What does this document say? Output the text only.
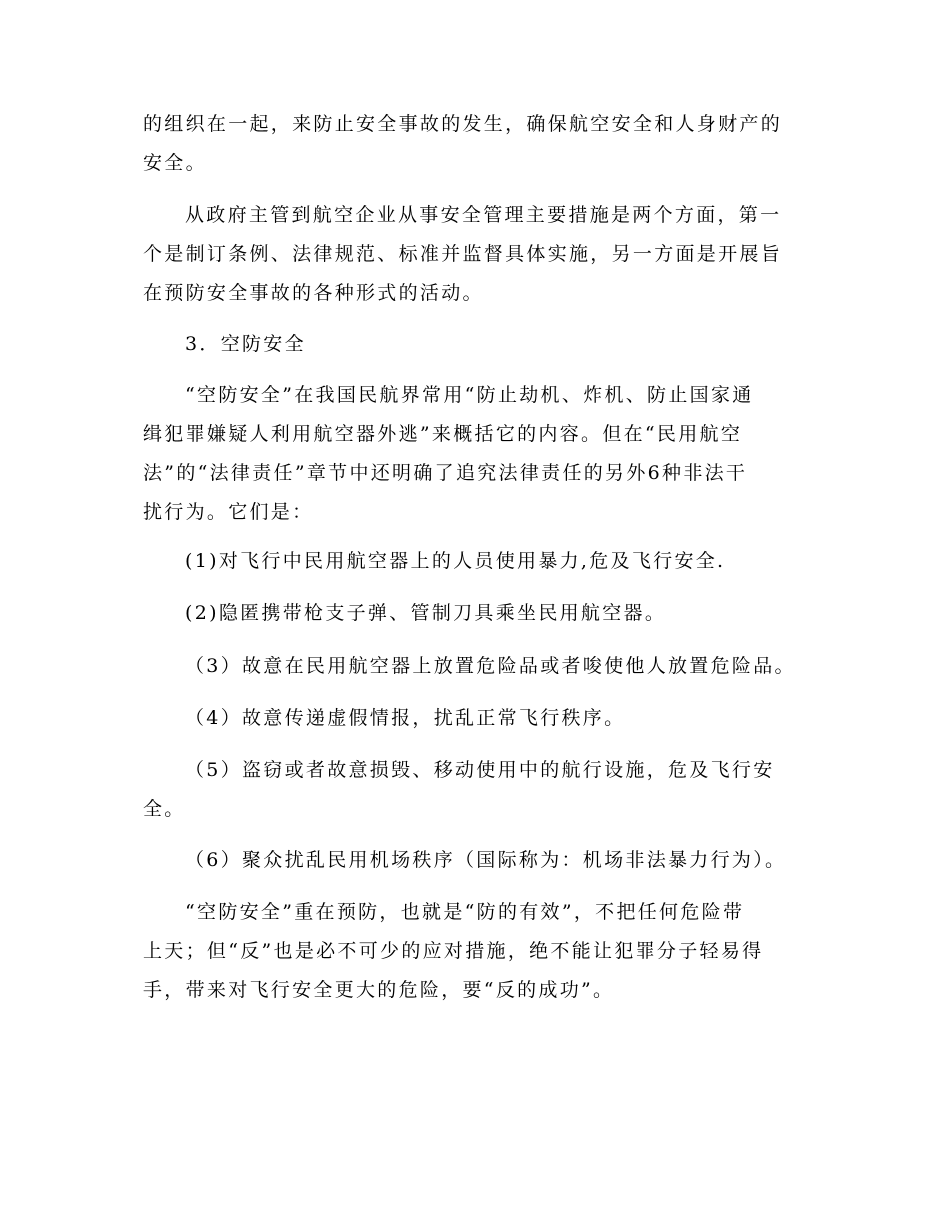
的组织在一起，来防止安全事故的发生，确保航空安全和人身财产的
安全。
从政府主管到航空企业从事安全管理主要措施是两个方面，第一
个是制订条例、法律规范、标准并监督具体实施，另一方面是开展旨
在预防安全事故的各种形式的活动。
3．空防安全
“空防安全”在我国民航界常用“防止劫机、炸机、防止国家通
缉犯罪嫌疑人利用航空器外逃”来概括它的内容。但在“民用航空
法”的“法律责任”章节中还明确了追究法律责任的另外6种非法干
扰行为。它们是：
(1)对飞行中民用航空器上的人员使用暴力,危及飞行安全.
(2)隐匿携带枪支子弹、管制刀具乘坐民用航空器。
（3）故意在民用航空器上放置危险品或者唆使他人放置危险品。
（4）故意传递虚假情报，扰乱正常飞行秩序。
（5）盗窃或者故意损毁、移动使用中的航行设施，危及飞行安
全。
（6）聚众扰乱民用机场秩序（国际称为：机场非法暴力行为）。
“空防安全”重在预防，也就是“防的有效”，不把任何危险带
上天；但“反”也是必不可少的应对措施，绝不能让犯罪分子轻易得
手，带来对飞行安全更大的危险，要“反的成功”。
